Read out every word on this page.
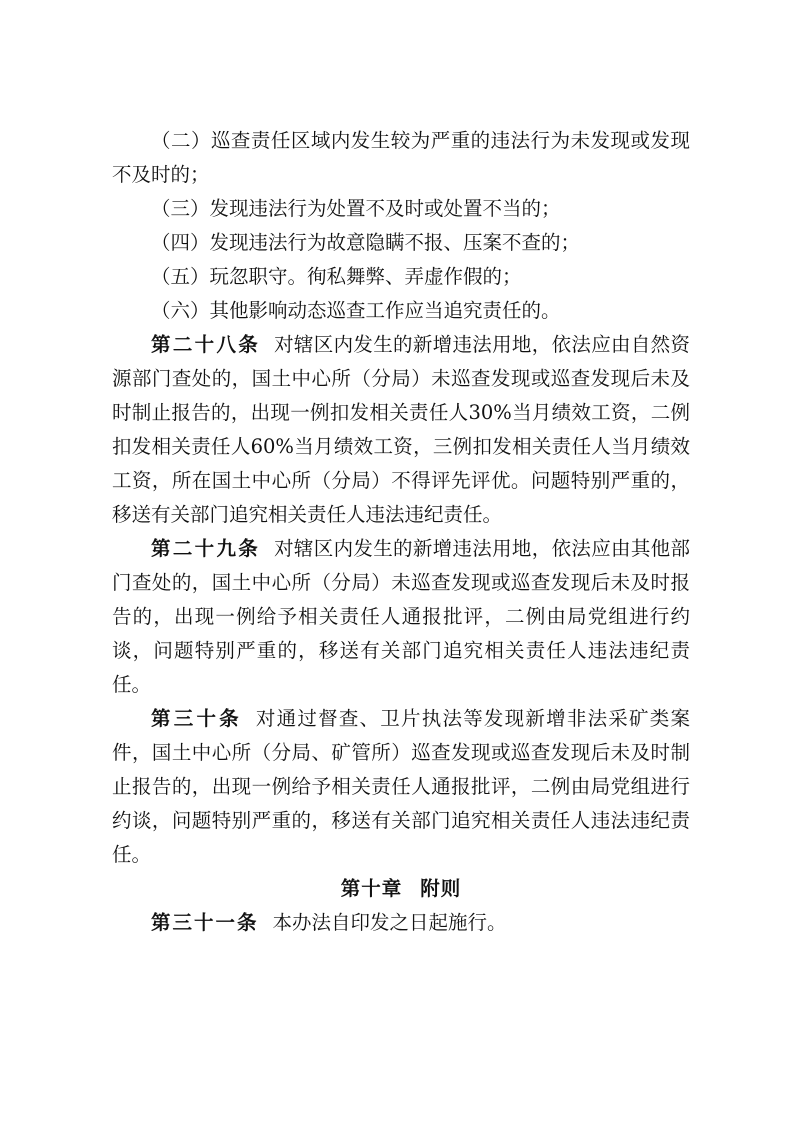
（二）巡查责任区域内发生较为严重的违法行为未发现或发现不及时的；

（三）发现违法行为处置不及时或处置不当的；

（四）发现违法行为故意隐瞒不报、压案不查的；

（五）玩忽职守。徇私舞弊、弄虚作假的；

（六）其他影响动态巡查工作应当追究责任的。

第二十八条 对辖区内发生的新增违法用地，依法应由自然资源部门查处的，国土中心所（分局）未巡查发现或巡查发现后未及时制止报告的，出现一例扣发相关责任人30%当月绩效工资，二例扣发相关责任人60%当月绩效工资，三例扣发相关责任人当月绩效工资，所在国土中心所（分局）不得评先评优。问题特别严重的，移送有关部门追究相关责任人违法违纪责任。

第二十九条 对辖区内发生的新增违法用地，依法应由其他部门查处的，国土中心所（分局）未巡查发现或巡查发现后未及时报告的，出现一例给予相关责任人通报批评，二例由局党组进行约谈，问题特别严重的，移送有关部门追究相关责任人违法违纪责任。

第三十条 对通过督查、卫片执法等发现新增非法采矿类案件，国土中心所（分局、矿管所）巡查发现或巡查发现后未及时制止报告的，出现一例给予相关责任人通报批评，二例由局党组进行约谈，问题特别严重的，移送有关部门追究相关责任人违法违纪责任。

第十章 附则

第三十一条 本办法自印发之日起施行。
